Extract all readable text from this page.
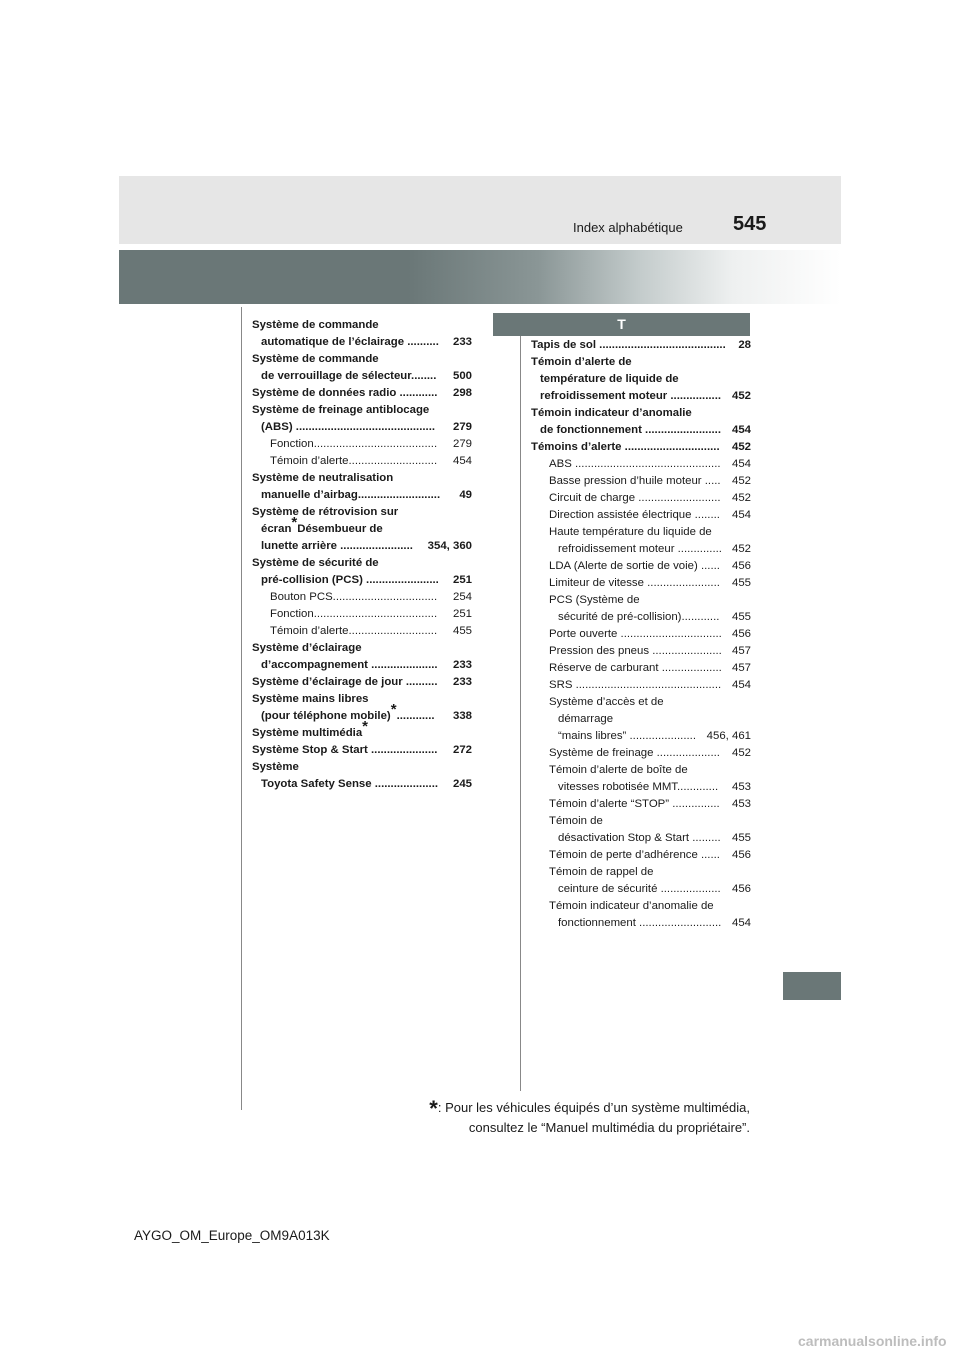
Index alphabétique	545
T
Système de commande
automatique de l’éclairage .......... 233
Système de commande
de verrouillage de sélecteur........ 500
Système de données radio ............ 298
Système de freinage antiblocage
(ABS) ............................................ 279
Fonction....................................... 279
Témoin d’alerte............................ 454
Système de neutralisation
manuelle d’airbag.......................... 49
Système de rétrovision sur
écran*Désembueur de
lunette arrière ....................... 354, 360
Système de sécurité de
pré-collision (PCS) ....................... 251
Bouton PCS................................. 254
Fonction....................................... 251
Témoin d’alerte............................ 455
Système d’éclairage
d’accompagnement ..................... 233
Système d’éclairage de jour .......... 233
Système mains libres
(pour téléphone mobile)*............ 338
Système multimédia*
Système Stop & Start ..................... 272
Système
Toyota Safety Sense .................... 245
Tapis de sol ........................................ 28
Témoin d’alerte de
température de liquide de
refroidissement moteur ................ 452
Témoin indicateur d’anomalie
de fonctionnement ........................ 454
Témoins d’alerte .............................. 452
ABS .............................................. 454
Basse pression d’huile moteur ..... 452
Circuit de charge .......................... 452
Direction assistée électrique ........ 454
Haute température du liquide de
refroidissement moteur .............. 452
LDA (Alerte de sortie de voie) ...... 456
Limiteur de vitesse ....................... 455
PCS (Système de
sécurité de pré-collision)............ 455
Porte ouverte ................................ 456
Pression des pneus ...................... 457
Réserve de carburant ................... 457
SRS .............................................. 454
Système d’accès et de
démarrage
“mains libres” ..................... 456, 461
Système de freinage .................... 452
Témoin d’alerte de boîte de
vitesses robotisée MMT............. 453
Témoin d’alerte “STOP” ............... 453
Témoin de
désactivation Stop & Start ......... 455
Témoin de perte d’adhérence ...... 456
Témoin de rappel de
ceinture de sécurité ................... 456
Témoin indicateur d’anomalie de
fonctionnement .......................... 454
*: Pour les véhicules équipés d’un système multimédia,
consultez le “Manuel multimédia du propriétaire”.
AYGO_OM_Europe_OM9A013K
carmanualsonline.info
